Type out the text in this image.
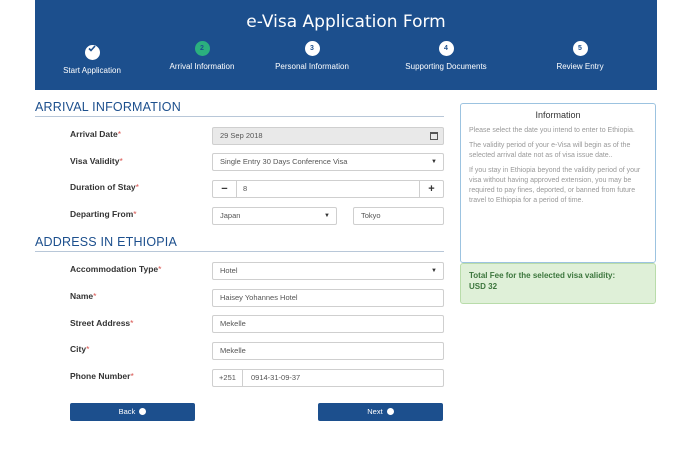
e-Visa Application Form
Start Application
2
Arrival Information
3
Personal Information
4
Supporting Documents
5
Review Entry
ARRIVAL INFORMATION
Arrival Date*	29 Sep 2018
Visa Validity*	Single Entry 30 Days Conference Visa	▼
Duration of Stay*	−	8	+
Departing From*	Japan	▼	Tokyo
ADDRESS IN ETHIOPIA
Accommodation Type*	Hotel	▼
Name*	Haisey Yohannes Hotel
Street Address*	Mekelle
City*	Mekelle
Phone Number*	+251	0914-31-09-37
Back	Next
Information

Please select the date you intend to enter to Ethiopia.

The validity period of your e-Visa will begin as of the selected arrival date not as of visa issue date..

If you stay in Ethiopia beyond the validity period of your visa without having approved extension, you may be required to pay fines, deported, or banned from future travel to Ethiopia for a period of time.

Total Fee for the selected visa validity:
USD 32
